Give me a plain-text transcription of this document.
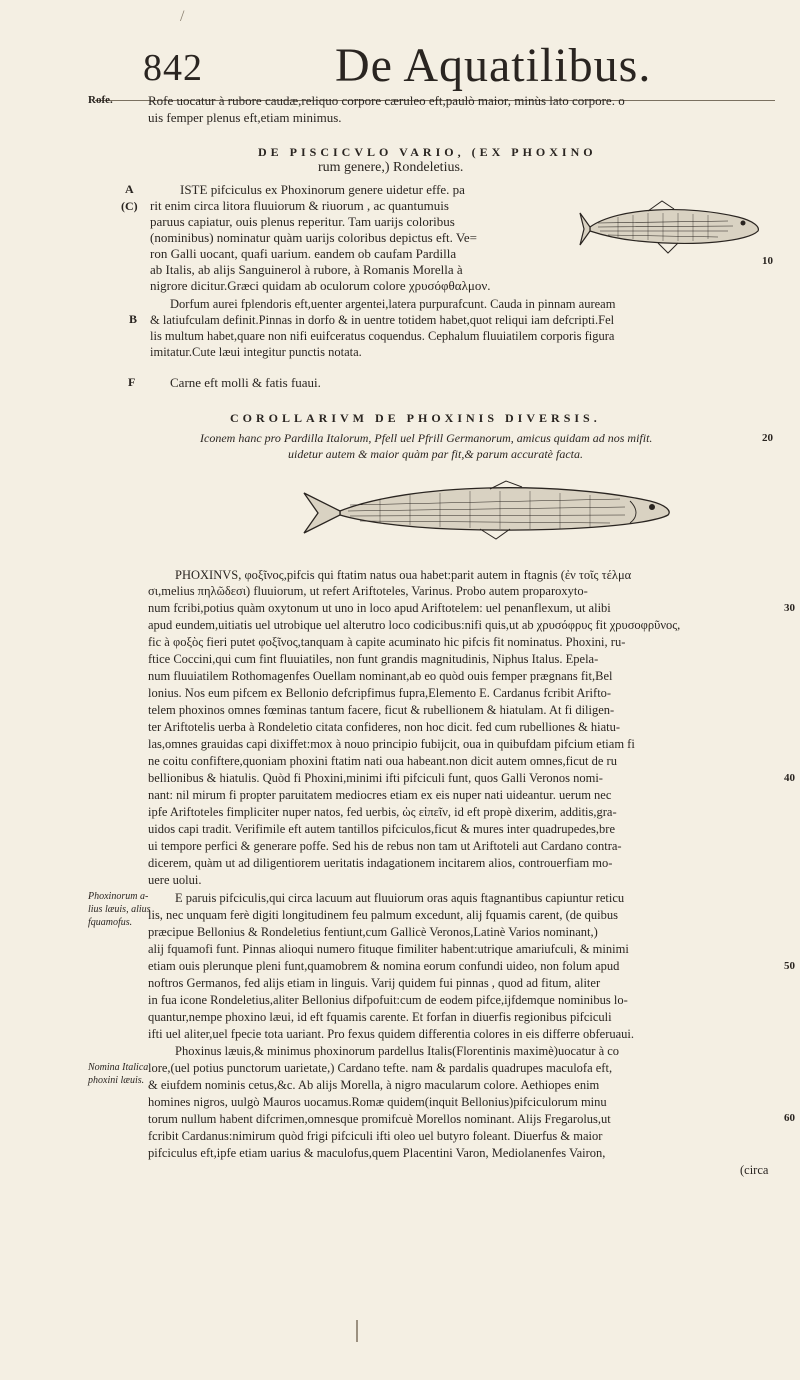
/
842	De Aquatilibus.
Rofe.	Rofe uocatur à rubore caudæ,reliquo corpore cæruleo eft,paulò maior, minùs lato corpore. o
uis femper plenus eft,etiam minimus.
DE PISCICVLO VARIO, (EX PHOXINO
rum genere,) Rondeletius.
A
(C)
B
F
10
ISTE pifciculus ex Phoxinorum genere uidetur effe. pa
rit enim circa litora fluuiorum & riuorum , ac quantumuis
paruus capiatur, ouis plenus reperitur. Tam uarijs coloribus
(nominibus) nominatur quàm uarijs coloribus depictus eft. Ve=
ron Galli uocant, quafi uarium. eandem ob caufam Pardilla
ab Italis, ab alijs Sanguinerol à rubore, à Romanis Morella à
nigrore dicitur.Græci quidam ab oculorum colore χρυσόφθαλμον.
Dorfum aurei fplendoris eft,uenter argentei,latera purpurafcunt. Cauda in pinnam auream
& latiufculam definit.Pinnas in dorfo & in uentre totidem habet,quot reliqui iam defcripti.Fel
lis multum habet,quare non nifi euifceratus coquendus. Cephalum fluuiatilem corporis figura
imitatur.Cute læui integitur punctis notata.
Carne eft molli & fatis fuaui.
COROLLARIVM DE PHOXINIS DIVERSIS.
Iconem hanc pro Pardilla Italorum, Pfell uel Pfrill Germanorum, amicus quidam ad nos mifit.
uidetur autem & maior quàm par fit,& parum accuratè facta.
20
PHOXINVS, φοξῖνος,pifcis qui ftatim natus oua habet:parit autem in ftagnis (ἐν τοῖς τέλμα
σι,melius πηλῶδεσι) fluuiorum, ut refert Ariftoteles, Varinus. Probo autem proparoxyto-
num fcribi,potius quàm oxytonum ut uno in loco apud Ariftotelem: uel penanflexum, ut alibi
apud eundem,uitiatis uel utrobique uel alterutro loco codicibus:nifi quis,ut ab χρυσόφρυς fit χρυσοφρῦνος,
fic à φοξὸς fieri putet φοξῖνος,tanquam à capite acuminato hic pifcis fit nominatus. Phoxini, ru-
ftice Coccini,qui cum fint fluuiatiles, non funt grandis magnitudinis, Niphus Italus. Epela-
num fluuiatilem Rothomagenfes Ouellam nominant,ab eo quòd ouis femper prægnans fit,Bel
lonius. Nos eum pifcem ex Bellonio defcripfimus fupra,Elemento E. Cardanus fcribit Arifto-
telem phoxinos omnes fœminas tantum facere, ficut & rubellionem & hiatulam. At fi diligen-
ter Ariftotelis uerba à Rondeletio citata confideres, non hoc dicit. fed cum rubelliones & hiatu-
las,omnes grauidas capi dixiffet:mox à nouo principio fubijcit, oua in quibufdam pifcium etiam fi
ne coitu confiftere,quoniam phoxini ftatim nati oua habeant.non dicit autem omnes,ficut de ru
bellionibus & hiatulis. Quòd fi Phoxini,minimi ifti pifciculi funt, quos Galli Veronos nomi-
nant: nil mirum fi propter paruitatem mediocres etiam ex eis nuper nati uideantur. uerum nec
ipfe Ariftoteles fimpliciter nuper natos, fed uerbis, ὡς εἰπεῖν, id eft propè dixerim, additis,gra-
uidos capi tradit. Verifimile eft autem tantillos pifciculos,ficut & mures inter quadrupedes,bre
ui tempore perfici & generare poffe. Sed his de rebus non tam ut Ariftoteli aut Cardano contra-
dicerem, quàm ut ad diligentiorem ueritatis indagationem incitarem alios, controuerfiam mo-
uere uolui.
E paruis pifciculis,qui circa lacuum aut fluuiorum oras aquis ftagnantibus capiuntur reticu
lis, nec unquam ferè digiti longitudinem feu palmum excedunt, alij fquamis carent, (de quibus
præcipue Bellonius & Rondeletius fentiunt,cum Gallicè Veronos,Latinè Varios nominant,)
alij fquamofi funt. Pinnas alioqui numero fituque fimiliter habent:utrique amariufculi, & minimi
etiam ouis plerunque pleni funt,quamobrem & nomina eorum confundi uideo, non folum apud
noftros Germanos, fed alijs etiam in linguis. Varij quidem fui pinnas , quod ad fitum, aliter
in fua icone Rondeletius,aliter Bellonius difpofuit:cum de eodem pifce,ijfdemque nominibus lo-
quantur,nempe phoxino læui, id eft fquamis carente. Et forfan in diuerfis regionibus pifciculi
ifti uel aliter,uel fpecie tota uariant. Pro fexus quidem differentia colores in eis differre obferuaui.
Phoxinus læuis,& minimus phoxinorum pardellus Italis(Florentinis maximè)uocatur à co
lore,(uel potius punctorum uarietate,) Cardano tefte. nam & pardalis quadrupes maculofa eft,
& eiufdem nominis cetus,&c. Ab alijs Morella, à nigro macularum colore. Aethiopes enim
homines nigros, uulgò Mauros uocamus.Romæ quidem(inquit Bellonius)pifciculorum minu
torum nullum habent difcrimen,omnesque promifcuè Morellos nominant. Alijs Fregarolus,ut
fcribit Cardanus:nimirum quòd frigi pifciculi ifti oleo uel butyro foleant. Diuerfus & maior
pifciculus eft,ipfe etiam uarius & maculofus,quem Placentini Varon, Mediolanenfes Vairon,
(circa
30
40
50
60
Phoxinorum a-
lius læuis, alius
fquamofus.
Nomina Italica
phoxini læuis.
